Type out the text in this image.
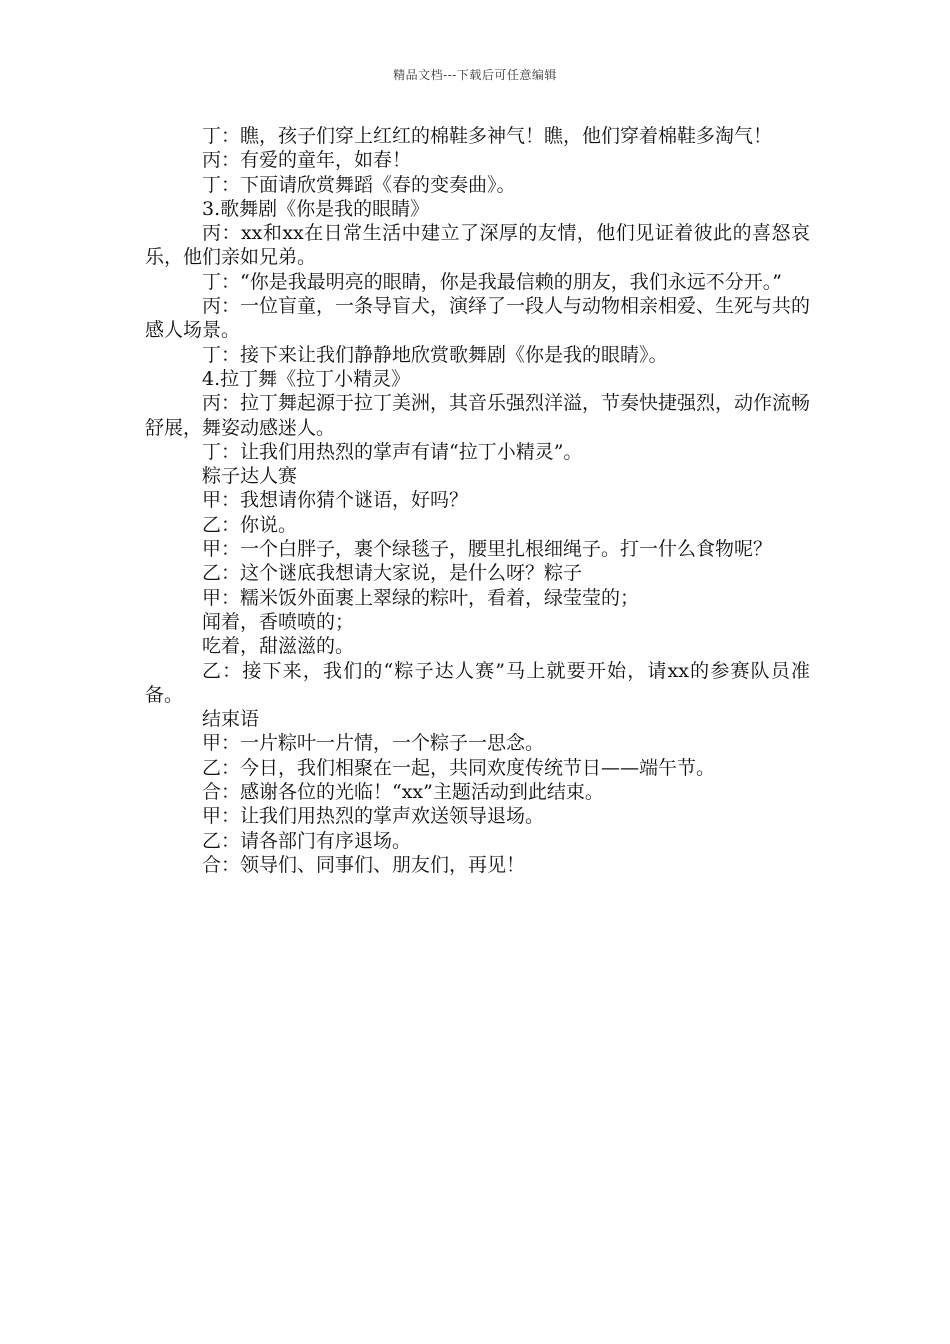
精品文档---下载后可任意编辑

丁：瞧，孩子们穿上红红的棉鞋多神气！瞧，他们穿着棉鞋多淘气！

丙：有爱的童年，如春！

丁：下面请欣赏舞蹈《春的变奏曲》。

3.歌舞剧《你是我的眼睛》

丙：xx和xx在日常生活中建立了深厚的友情，他们见证着彼此的喜怒哀乐，他们亲如兄弟。

丁：“你是我最明亮的眼睛，你是我最信赖的朋友，我们永远不分开。”

丙：一位盲童，一条导盲犬，演绎了一段人与动物相亲相爱、生死与共的感人场景。

丁：接下来让我们静静地欣赏歌舞剧《你是我的眼睛》。

4.拉丁舞《拉丁小精灵》

丙：拉丁舞起源于拉丁美洲，其音乐强烈洋溢，节奏快捷强烈，动作流畅舒展，舞姿动感迷人。

丁：让我们用热烈的掌声有请“拉丁小精灵”。

粽子达人赛

甲：我想请你猜个谜语，好吗？

乙：你说。

甲：一个白胖子，裹个绿毯子，腰里扎根细绳子。打一什么食物呢？

乙：这个谜底我想请大家说，是什么呀？粽子

甲：糯米饭外面裹上翠绿的粽叶，看着，绿莹莹的；

闻着，香喷喷的；

吃着，甜滋滋的。

乙：接下来，我们的“粽子达人赛”马上就要开始，请xx的参赛队员准备。

结束语

甲：一片粽叶一片情，一个粽子一思念。

乙：今日，我们相聚在一起，共同欢度传统节日——端午节。

合：感谢各位的光临！“xx”主题活动到此结束。

甲：让我们用热烈的掌声欢送领导退场。

乙：请各部门有序退场。

合：领导们、同事们、朋友们，再见！
